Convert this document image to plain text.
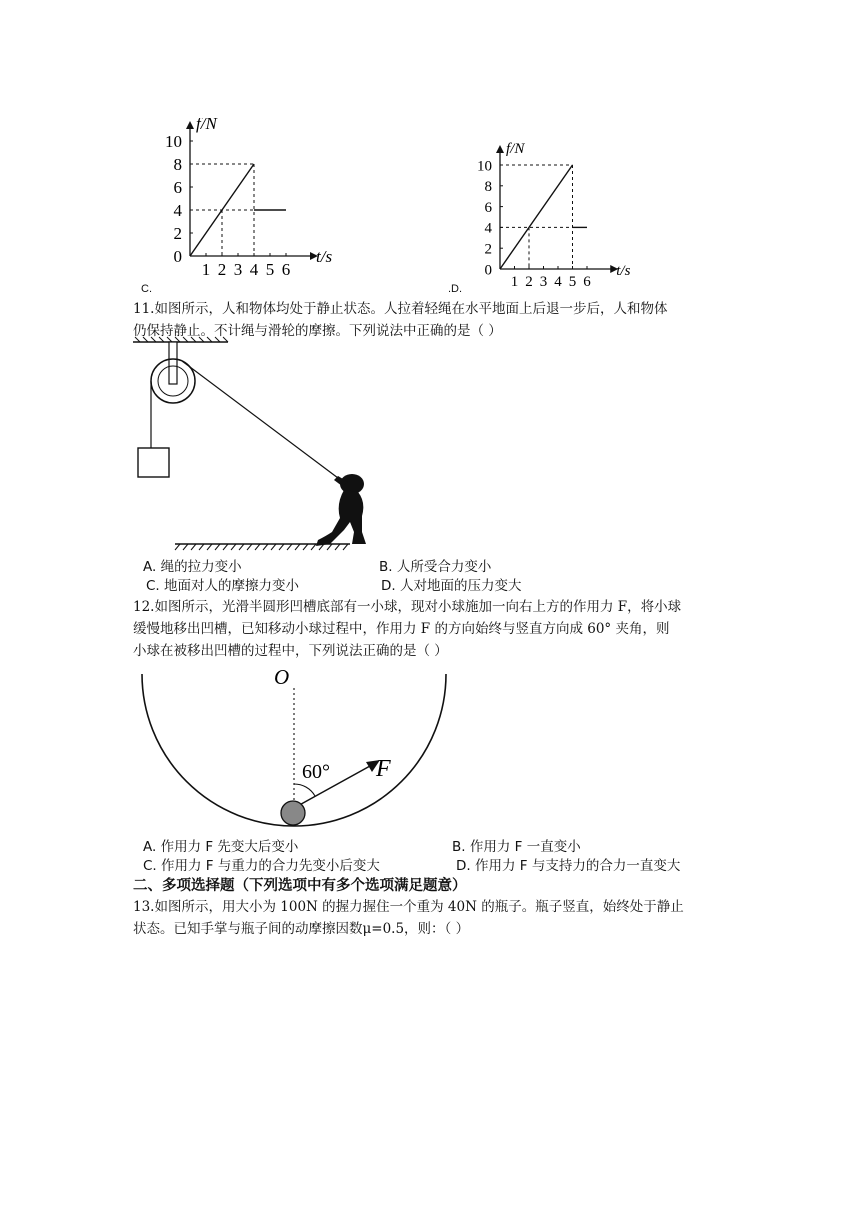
f/N
t/s
0
2
4
6
8
10
1 2 3 4 5 6
C.
f/N
t/s
0
2
4
6
8
10
1 2 3 4 5 6
.D.
11.如图所示，人和物体均处于静止状态。人拉着轻绳在水平地面上后退一步后，人和物体
仍保持静止。不计绳与滑轮的摩擦。下列说法中正确的是（ ）
A. 绳的拉力变小	B. 人所受合力变小
C. 地面对人的摩擦力变小	D. 人对地面的压力变大
12.如图所示，光滑半圆形凹槽底部有一小球，现对小球施加一向右上方的作用力 F，将小球
缓慢地移出凹槽，已知移动小球过程中，作用力 F 的方向始终与竖直方向成 60° 夹角，则
小球在被移出凹槽的过程中，下列说法正确的是（ ）
O
60° F
A. 作用力 F 先变大后变小	B. 作用力 F 一直变小
C. 作用力 F 与重力的合力先变小后变大	D. 作用力 F 与支持力的合力一直变大
二、多项选择题（下列选项中有多个选项满足题意）
13.如图所示，用大小为 100N 的握力握住一个重为 40N 的瓶子。瓶子竖直，始终处于静止
状态。已知手掌与瓶子间的动摩擦因数μ=0.5，则：（ ）
